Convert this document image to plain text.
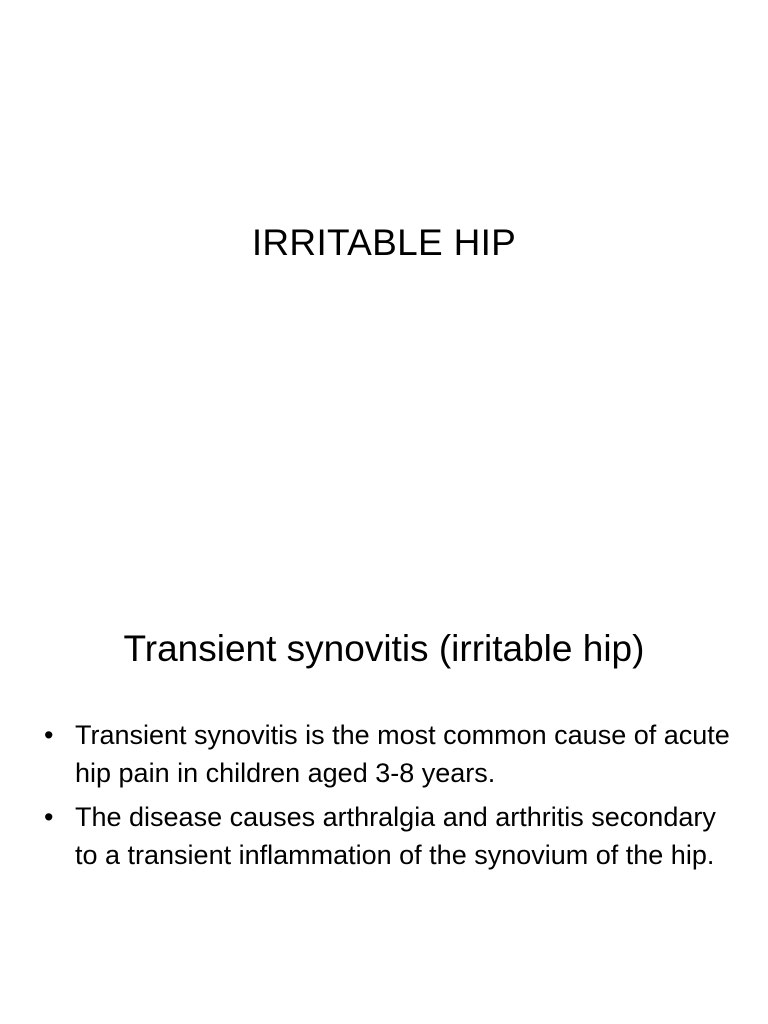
IRRITABLE HIP
Transient synovitis (irritable hip)
• Transient synovitis is the most common cause of acute hip pain in children aged 3-8 years.
• The disease causes arthralgia and arthritis secondary to a transient inflammation of the synovium of the hip.
